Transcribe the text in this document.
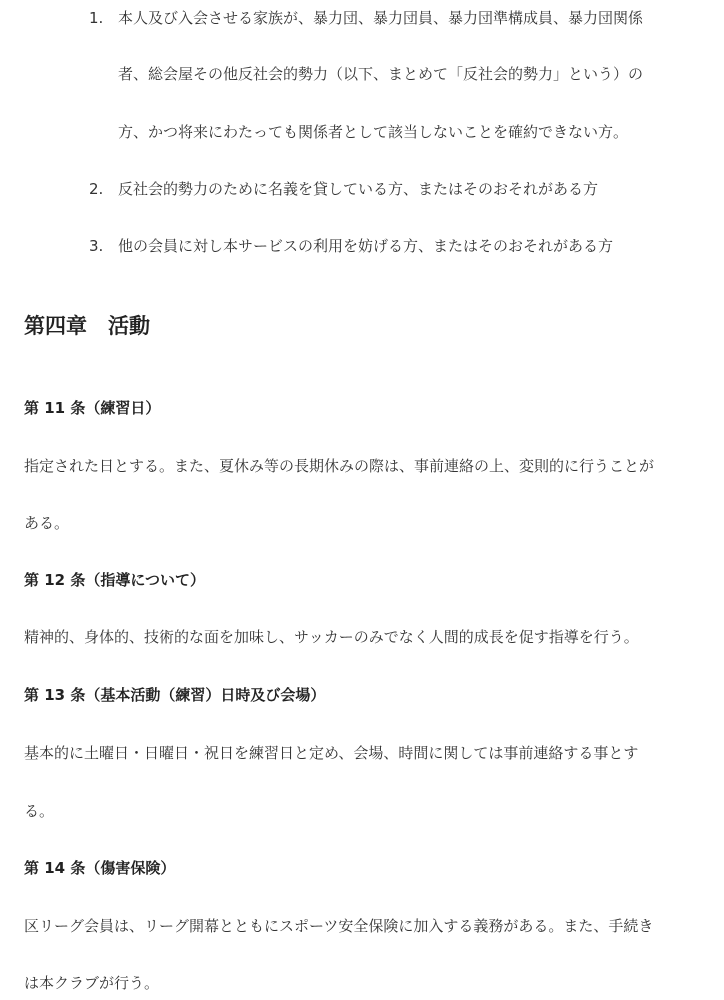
1. 本人及び入会させる家族が、暴力団、暴力団員、暴力団準構成員、暴力団関係
者、総会屋その他反社会的勢力（以下、まとめて「反社会的勢力」という）の
方、かつ将来にわたっても関係者として該当しないことを確約できない方。
2. 反社会的勢力のために名義を貸している方、またはそのおそれがある方
3. 他の会員に対し本サービスの利用を妨げる方、またはそのおそれがある方
第四章　活動
第 11 条（練習日）
指定された日とする。また、夏休み等の長期休みの際は、事前連絡の上、変則的に行うことが
ある。
第 12 条（指導について）
精神的、身体的、技術的な面を加味し、サッカーのみでなく人間的成長を促す指導を行う。
第 13 条（基本活動（練習）日時及び会場）
基本的に土曜日・日曜日・祝日を練習日と定め、会場、時間に関しては事前連絡する事とす
る。
第 14 条（傷害保険）
区リーグ会員は、リーグ開幕とともにスポーツ安全保険に加入する義務がある。また、手続き
は本クラブが行う。
